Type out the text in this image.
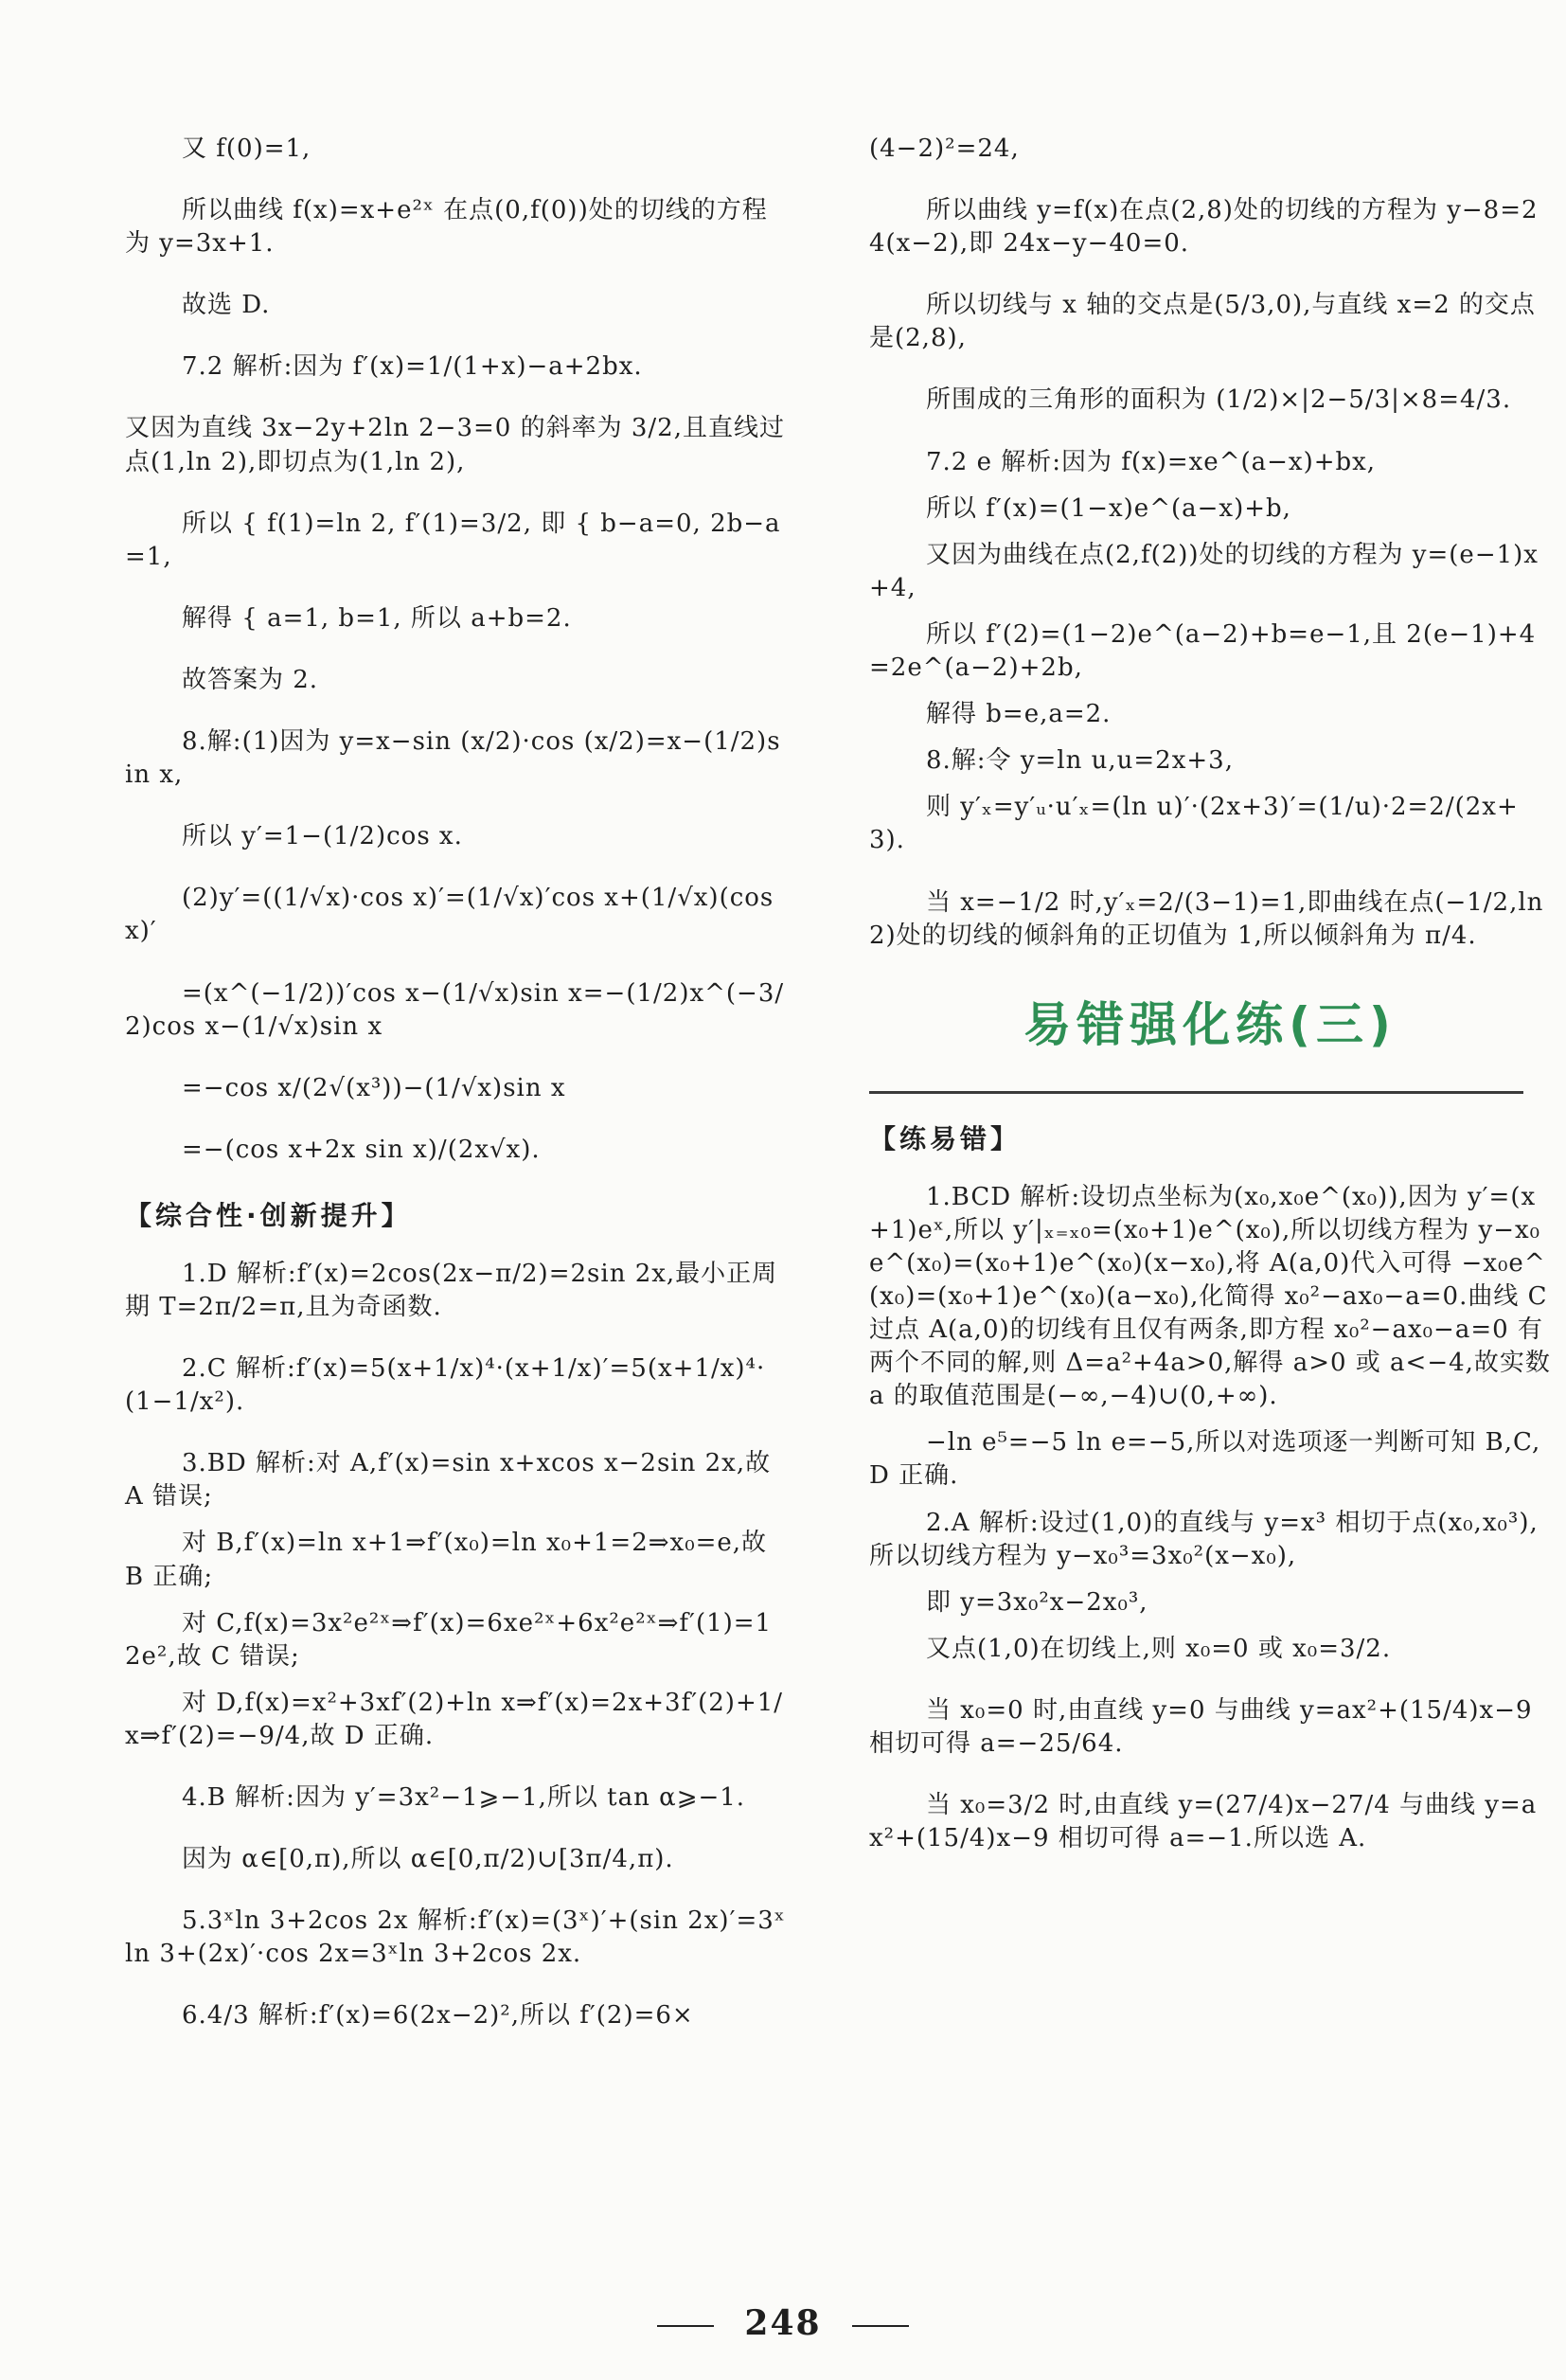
又 f(0)=1,

所以曲线 f(x)=x+e²ˣ 在点(0,f(0))处的切线的方程为 y=3x+1.

故选 D.

7.2 解析:因为 f′(x)=1/(1+x)−a+2bx.

又因为直线 3x−2y+2ln 2−3=0 的斜率为 3/2,且直线过点(1,ln 2),即切点为(1,ln 2),

所以 { f(1)=ln 2, f′(1)=3/2, 即 { b−a=0, 2b−a=1,

解得 { a=1, b=1, 所以 a+b=2.

故答案为 2.

8.解:(1)因为 y=x−sin (x/2)·cos (x/2)=x−(1/2)sin x,

所以 y′=1−(1/2)cos x.

(2)y′=((1/√x)·cos x)′=(1/√x)′cos x+(1/√x)(cos x)′

=(x^(−1/2))′cos x−(1/√x)sin x=−(1/2)x^(−3/2)cos x−(1/√x)sin x

=−cos x/(2√(x³))−(1/√x)sin x

=−(cos x+2x sin x)/(2x√x).

【综合性·创新提升】

1.D 解析:f′(x)=2cos(2x−π/2)=2sin 2x,最小正周期 T=2π/2=π,且为奇函数.

2.C 解析:f′(x)=5(x+1/x)⁴·(x+1/x)′=5(x+1/x)⁴·(1−1/x²).

3.BD 解析:对 A,f′(x)=sin x+xcos x−2sin 2x,故 A 错误;

对 B,f′(x)=ln x+1⇒f′(x₀)=ln x₀+1=2⇒x₀=e,故 B 正确;

对 C,f(x)=3x²e²ˣ⇒f′(x)=6xe²ˣ+6x²e²ˣ⇒f′(1)=12e²,故 C 错误;

对 D,f(x)=x²+3xf′(2)+ln x⇒f′(x)=2x+3f′(2)+1/x⇒f′(2)=−9/4,故 D 正确.

4.B 解析:因为 y′=3x²−1⩾−1,所以 tan α⩾−1.

因为 α∈[0,π),所以 α∈[0,π/2)∪[3π/4,π).

5.3ˣln 3+2cos 2x 解析:f′(x)=(3ˣ)′+(sin 2x)′=3ˣln 3+(2x)′·cos 2x=3ˣln 3+2cos 2x.

6.4/3 解析:f′(x)=6(2x−2)²,所以 f′(2)=6×

(4−2)²=24,

所以曲线 y=f(x)在点(2,8)处的切线的方程为 y−8=24(x−2),即 24x−y−40=0.

所以切线与 x 轴的交点是(5/3,0),与直线 x=2 的交点是(2,8),

所围成的三角形的面积为 (1/2)×|2−5/3|×8=4/3.

7.2 e 解析:因为 f(x)=xe^(a−x)+bx,

所以 f′(x)=(1−x)e^(a−x)+b,

又因为曲线在点(2,f(2))处的切线的方程为 y=(e−1)x+4,

所以 f′(2)=(1−2)e^(a−2)+b=e−1,且 2(e−1)+4=2e^(a−2)+2b,

解得 b=e,a=2.

8.解:令 y=ln u,u=2x+3,

则 y′ₓ=y′ᵤ·u′ₓ=(ln u)′·(2x+3)′=(1/u)·2=2/(2x+3).

当 x=−1/2 时,y′ₓ=2/(3−1)=1,即曲线在点(−1/2,ln 2)处的切线的倾斜角的正切值为 1,所以倾斜角为 π/4.

易错强化练(三)
【练易错】

1.BCD 解析:设切点坐标为(x₀,x₀e^(x₀)),因为 y′=(x+1)eˣ,所以 y′|ₓ₌ₓ₀=(x₀+1)e^(x₀),所以切线方程为 y−x₀e^(x₀)=(x₀+1)e^(x₀)(x−x₀),将 A(a,0)代入可得 −x₀e^(x₀)=(x₀+1)e^(x₀)(a−x₀),化简得 x₀²−ax₀−a=0.曲线 C 过点 A(a,0)的切线有且仅有两条,即方程 x₀²−ax₀−a=0 有两个不同的解,则 Δ=a²+4a>0,解得 a>0 或 a<−4,故实数 a 的取值范围是(−∞,−4)∪(0,+∞).

−ln e⁵=−5 ln e=−5,所以对选项逐一判断可知 B,C,D 正确.

2.A 解析:设过(1,0)的直线与 y=x³ 相切于点(x₀,x₀³),所以切线方程为 y−x₀³=3x₀²(x−x₀),

即 y=3x₀²x−2x₀³,

又点(1,0)在切线上,则 x₀=0 或 x₀=3/2.

当 x₀=0 时,由直线 y=0 与曲线 y=ax²+(15/4)x−9 相切可得 a=−25/64.

当 x₀=3/2 时,由直线 y=(27/4)x−27/4 与曲线 y=ax²+(15/4)x−9 相切可得 a=−1.所以选 A.

248
